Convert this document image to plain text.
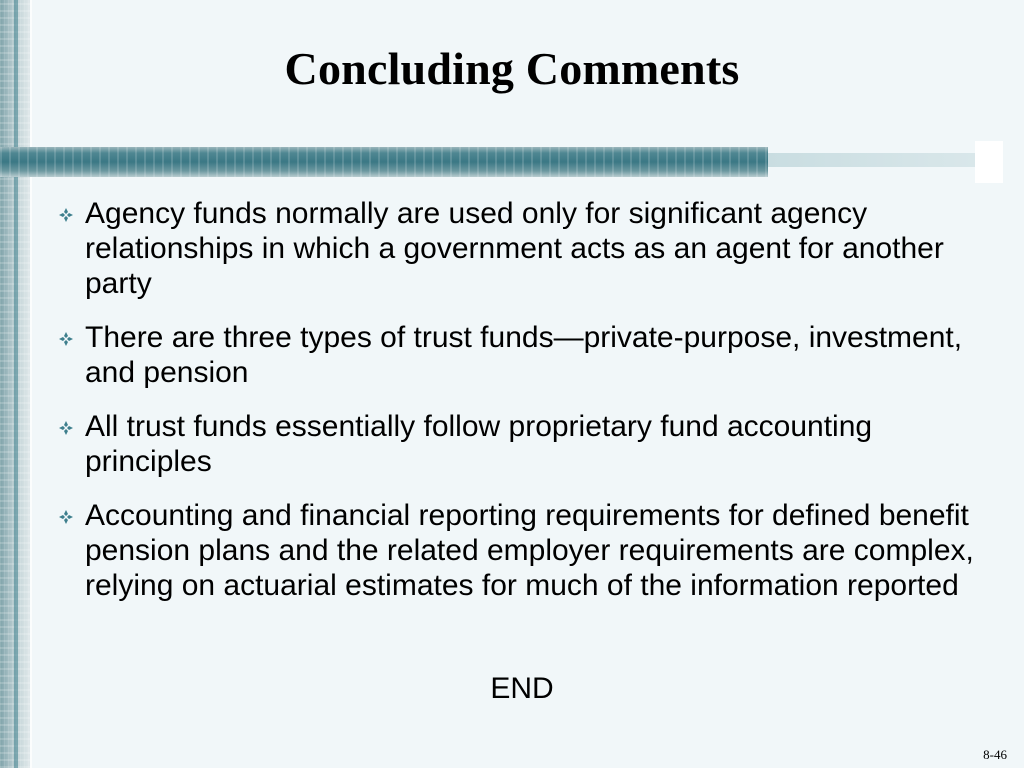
Concluding Comments
Agency funds normally are used only for significant agency relationships in which a government acts as an agent for another party
There are three types of trust funds—private-purpose, investment, and pension
All trust funds essentially follow proprietary fund accounting principles
Accounting and financial reporting requirements for defined benefit pension plans and the related employer requirements are complex, relying on actuarial estimates for much of the information reported
END
8-46
